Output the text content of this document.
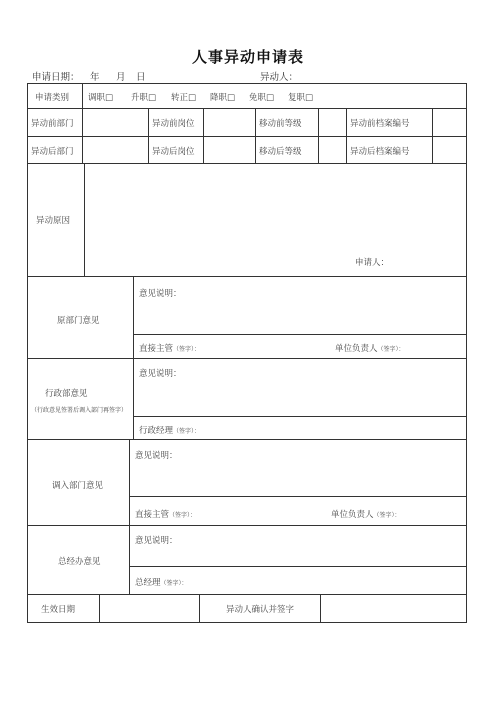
人事异动申请表
申请日期： 年 月 日	异动人：
申请类别 调职□ 升职□ 转正□ 降职□ 免职□ 复职□
异动前部门	异动前岗位	移动前等级	异动前档案编号
异动后部门	异动后岗位	移动后等级	异动后档案编号
异动原因
申请人：
原部门意见
意见说明：
直接主管（签字）：	单位负责人（签字）：
行政部意见
（行政意见签署后调入部门再签字）
意见说明：
行政经理（签字）：
调入部门意见
意见说明：
直接主管（签字）：	单位负责人（签字）：
总经办意见
意见说明：
总经理（签字）：
生效日期	异动人确认并签字
